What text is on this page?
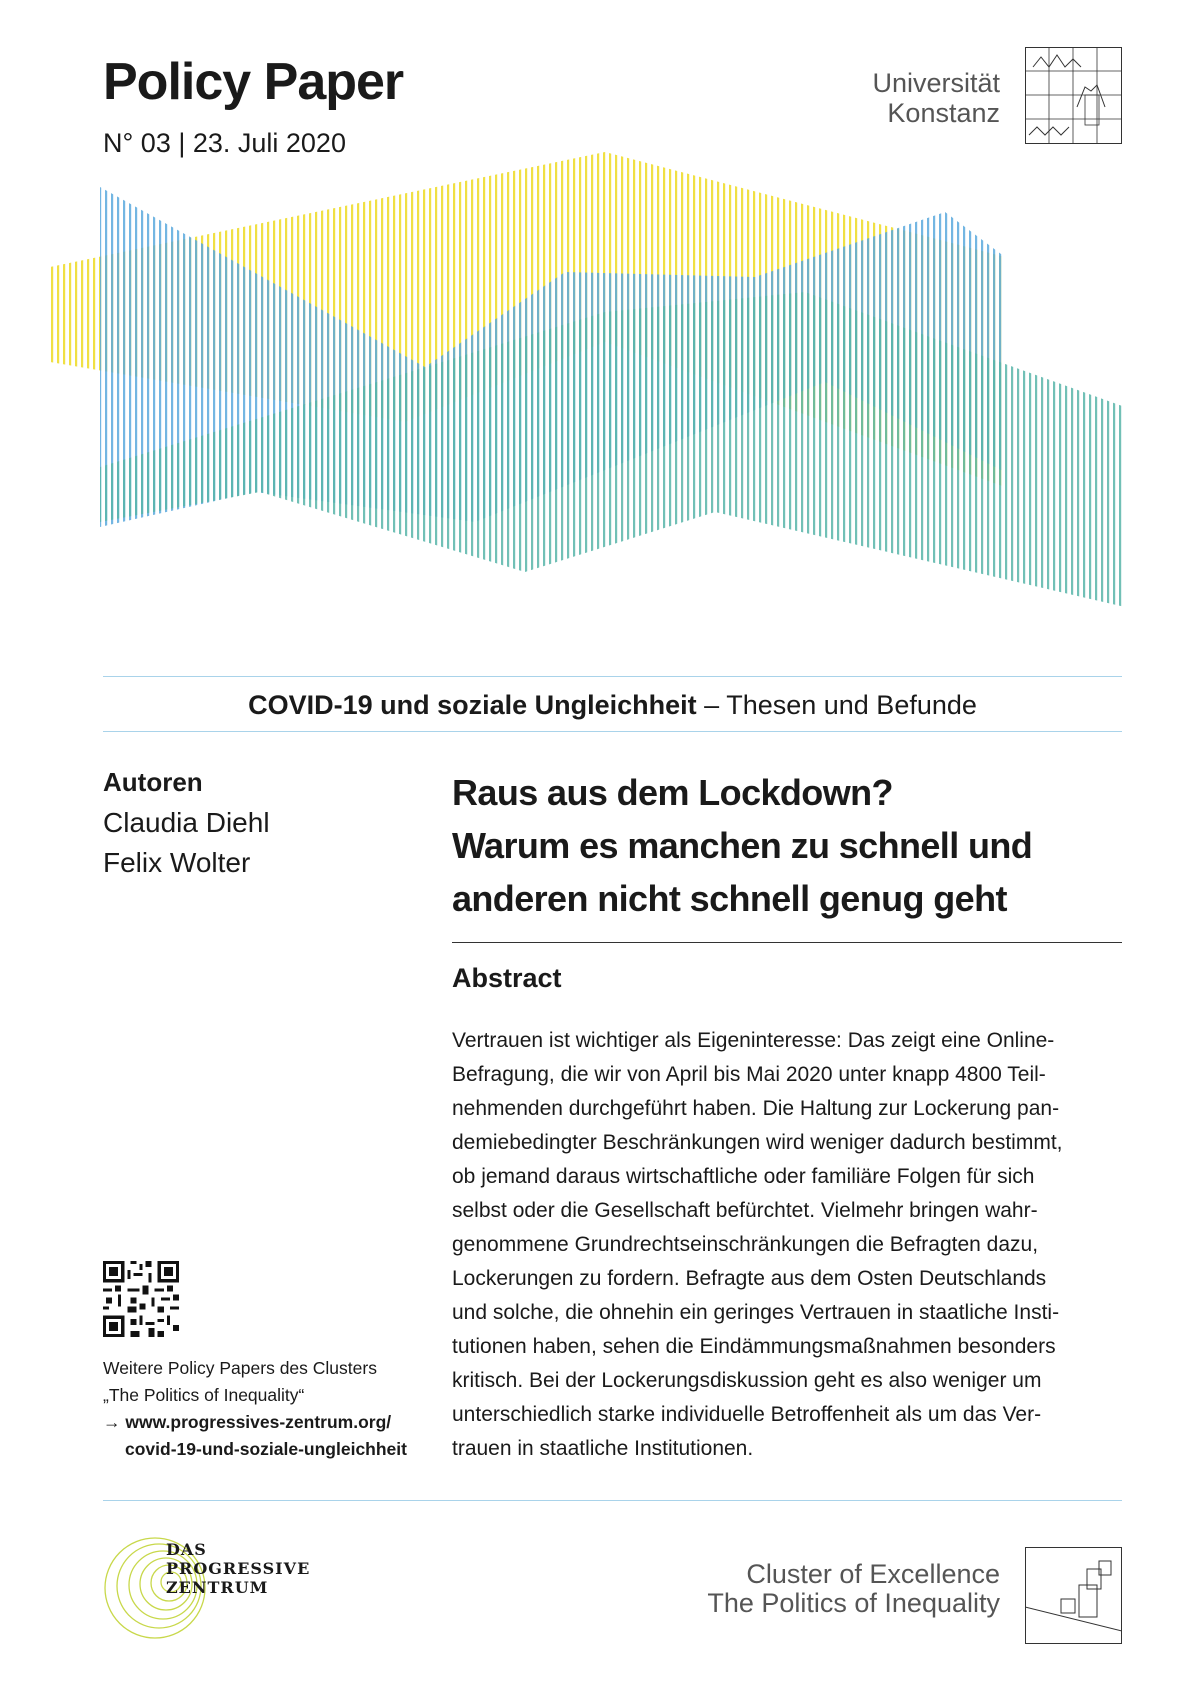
Policy Paper
N° 03 | 23. Juli 2020
Universität
Konstanz
COVID-19 und soziale Ungleichheit – Thesen und Befunde
Autoren
Claudia Diehl
Felix Wolter
Raus aus dem Lockdown?
Warum es manchen zu schnell und
anderen nicht schnell genug geht
Abstract
Vertrauen ist wichtiger als Eigeninteresse: Das zeigt eine Online-
Befragung, die wir von April bis Mai 2020 unter knapp 4800 Teil-
nehmenden durchgeführt haben. Die Haltung zur Lockerung pan-
demiebedingter Beschränkungen wird weniger dadurch bestimmt,
ob jemand daraus wirtschaftliche oder familiäre Folgen für sich
selbst oder die Gesellschaft befürchtet. Vielmehr bringen wahr-
genommene Grundrechtseinschränkungen die Befragten dazu,
Lockerungen zu fordern. Befragte aus dem Osten Deutschlands
und solche, die ohnehin ein geringes Vertrauen in staatliche Insti-
tutionen haben, sehen die Eindämmungsmaßnahmen besonders
kritisch. Bei der Lockerungsdiskussion geht es also weniger um
unterschiedlich starke individuelle Betroffenheit als um das Ver-
trauen in staatliche Institutionen.
Weitere Policy Papers des Clusters
„The Politics of Inequality“
→ www.progressives-zentrum.org/
covid-19-und-soziale-ungleichheit
DAS
PROGRESSIVE
ZENTRUM	Cluster of Excellence
The Politics of Inequality
